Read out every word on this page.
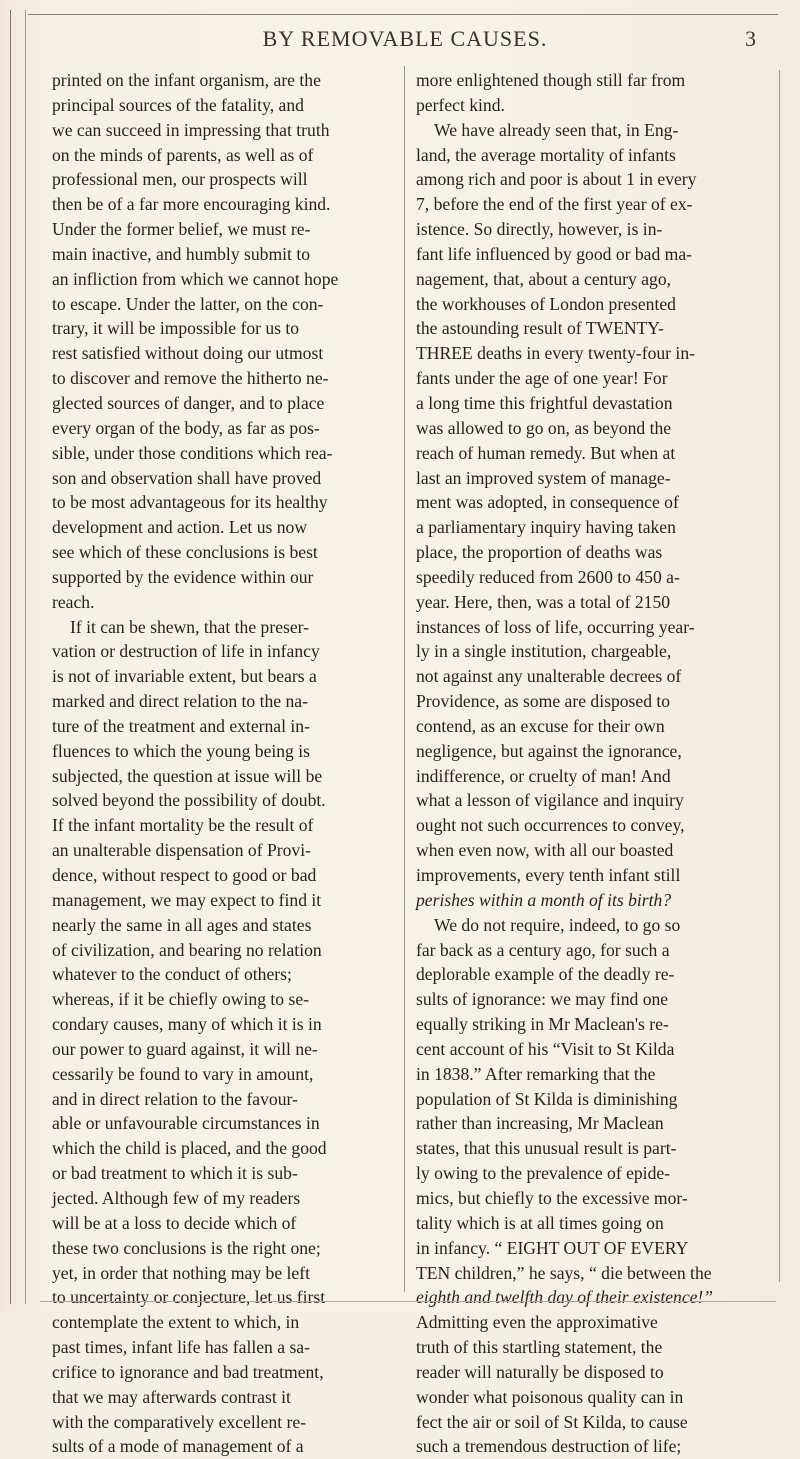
BY REMOVABLE CAUSES.	3
printed on the infant organism, are the
principal sources of the fatality, and
we can succeed in impressing that truth
on the minds of parents, as well as of
professional men, our prospects will
then be of a far more encouraging kind.
Under the former belief, we must re-
main inactive, and humbly submit to
an infliction from which we cannot hope
to escape. Under the latter, on the con-
trary, it will be impossible for us to
rest satisfied without doing our utmost
to discover and remove the hitherto ne-
glected sources of danger, and to place
every organ of the body, as far as pos-
sible, under those conditions which rea-
son and observation shall have proved
to be most advantageous for its healthy
development and action. Let us now
see which of these conclusions is best
supported by the evidence within our
reach.
If it can be shewn, that the preser-
vation or destruction of life in infancy
is not of invariable extent, but bears a
marked and direct relation to the na-
ture of the treatment and external in-
fluences to which the young being is
subjected, the question at issue will be
solved beyond the possibility of doubt.
If the infant mortality be the result of
an unalterable dispensation of Provi-
dence, without respect to good or bad
management, we may expect to find it
nearly the same in all ages and states
of civilization, and bearing no relation
whatever to the conduct of others;
whereas, if it be chiefly owing to se-
condary causes, many of which it is in
our power to guard against, it will ne-
cessarily be found to vary in amount,
and in direct relation to the favour-
able or unfavourable circumstances in
which the child is placed, and the good
or bad treatment to which it is sub-
jected. Although few of my readers
will be at a loss to decide which of
these two conclusions is the right one;
yet, in order that nothing may be left
to uncertainty or conjecture, let us first
contemplate the extent to which, in
past times, infant life has fallen a sa-
crifice to ignorance and bad treatment,
that we may afterwards contrast it
with the comparatively excellent re-
sults of a mode of management of a
more enlightened though still far from
perfect kind.
We have already seen that, in Eng-
land, the average mortality of infants
among rich and poor is about 1 in every
7, before the end of the first year of ex-
istence. So directly, however, is in-
fant life influenced by good or bad ma-
nagement, that, about a century ago,
the workhouses of London presented
the astounding result of TWENTY-
THREE deaths in every twenty-four in-
fants under the age of one year! For
a long time this frightful devastation
was allowed to go on, as beyond the
reach of human remedy. But when at
last an improved system of manage-
ment was adopted, in consequence of
a parliamentary inquiry having taken
place, the proportion of deaths was
speedily reduced from 2600 to 450 a-
year. Here, then, was a total of 2150
instances of loss of life, occurring year-
ly in a single institution, chargeable,
not against any unalterable decrees of
Providence, as some are disposed to
contend, as an excuse for their own
negligence, but against the ignorance,
indifference, or cruelty of man! And
what a lesson of vigilance and inquiry
ought not such occurrences to convey,
when even now, with all our boasted
improvements, every tenth infant still
perishes within a month of its birth?
We do not require, indeed, to go so
far back as a century ago, for such a
deplorable example of the deadly re-
sults of ignorance: we may find one
equally striking in Mr Maclean's re-
cent account of his “Visit to St Kilda
in 1838.” After remarking that the
population of St Kilda is diminishing
rather than increasing, Mr Maclean
states, that this unusual result is part-
ly owing to the prevalence of epide-
mics, but chiefly to the excessive mor-
tality which is at all times going on
in infancy. “ EIGHT OUT OF EVERY
TEN children,” he says, “ die between the
eighth and twelfth day of their existence!”
Admitting even the approximative
truth of this startling statement, the
reader will naturally be disposed to
wonder what poisonous quality can in
fect the air or soil of St Kilda, to cause
such a tremendous destruction of life;
